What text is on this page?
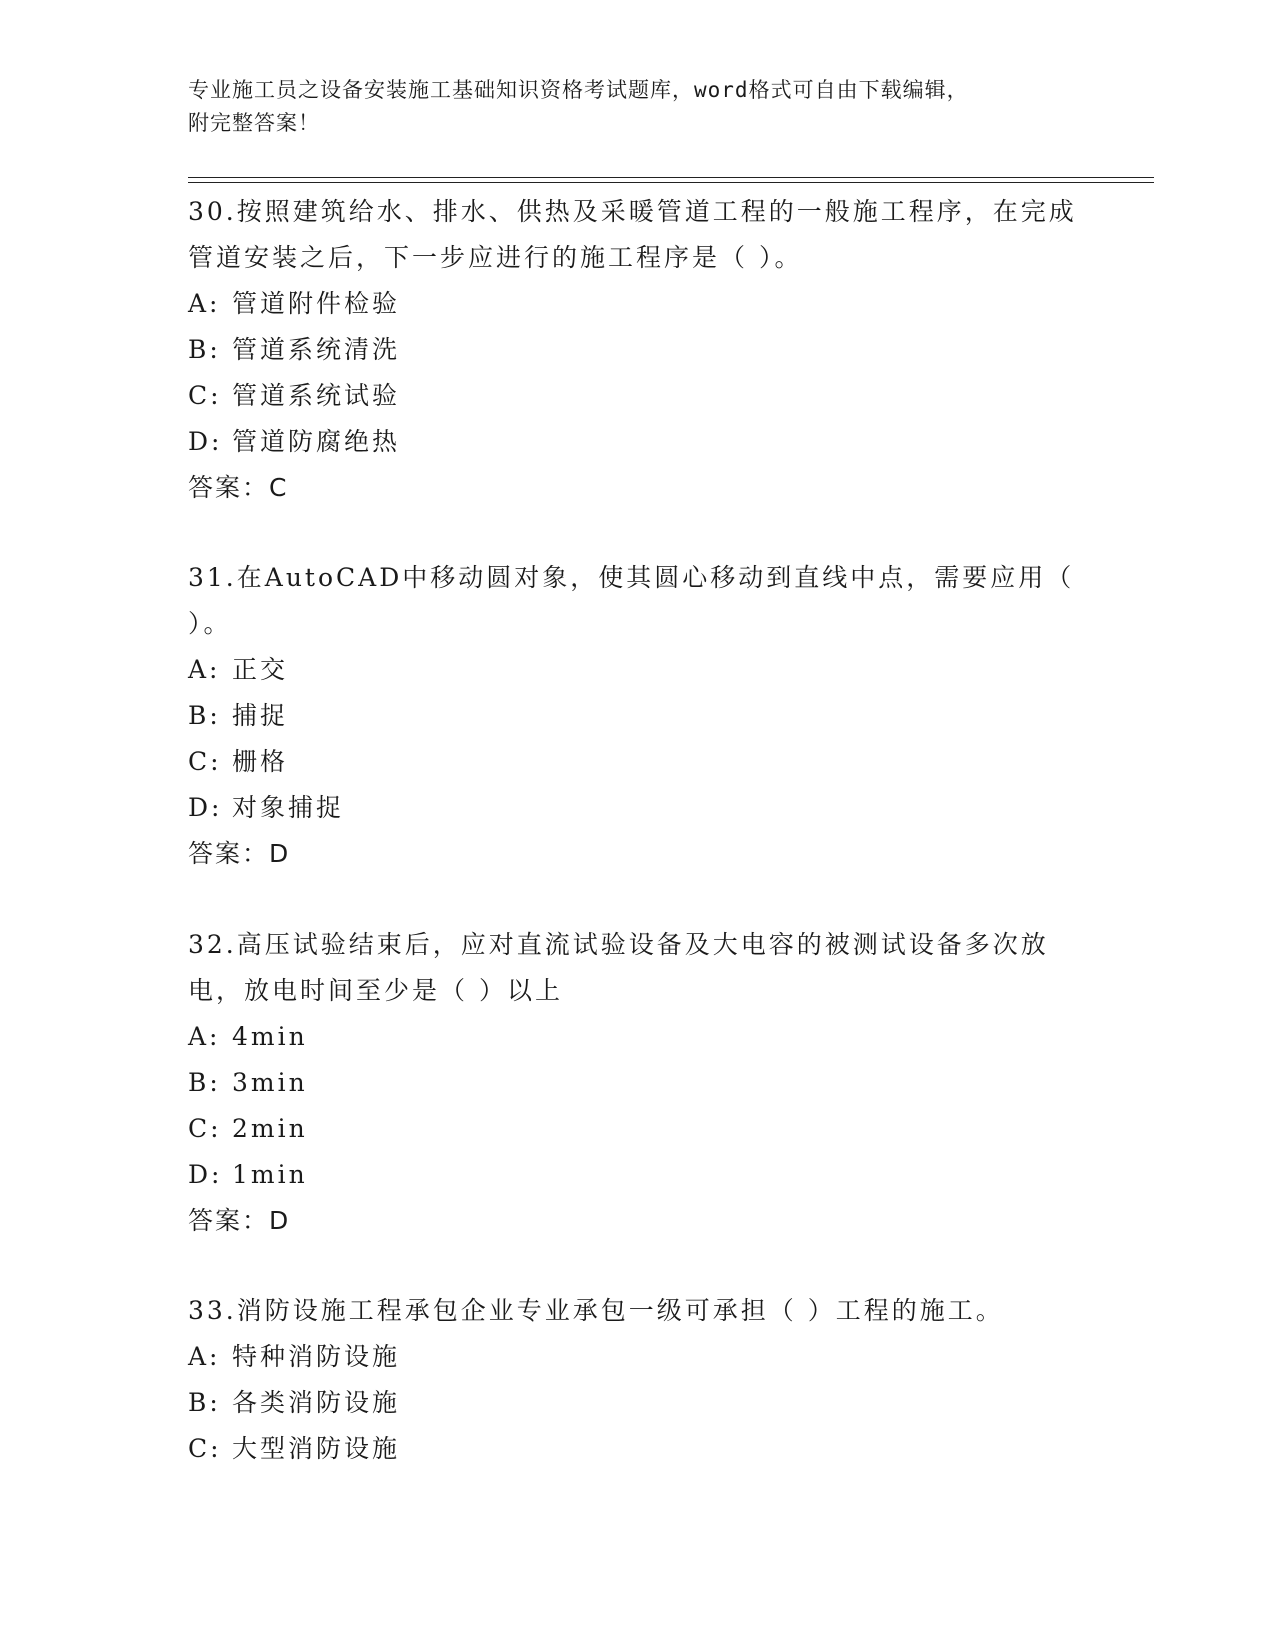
专业施工员之设备安装施工基础知识资格考试题库，word格式可自由下载编辑，
附完整答案！

30.按照建筑给水、排水、供热及采暖管道工程的一般施工程序，在完成管道安装之后，下一步应进行的施工程序是（ ）。

A: 管道附件检验

B: 管道系统清洗

C: 管道系统试验

D: 管道防腐绝热

答案：C

31.在AutoCAD中移动圆对象，使其圆心移动到直线中点，需要应用（ ）。

A: 正交

B: 捕捉

C: 栅格

D: 对象捕捉

答案：D

32.高压试验结束后，应对直流试验设备及大电容的被测试设备多次放电，放电时间至少是（ ）以上

A: 4min

B: 3min

C: 2min

D: 1min

答案：D

33.消防设施工程承包企业专业承包一级可承担（ ）工程的施工。

A: 特种消防设施

B: 各类消防设施

C: 大型消防设施
